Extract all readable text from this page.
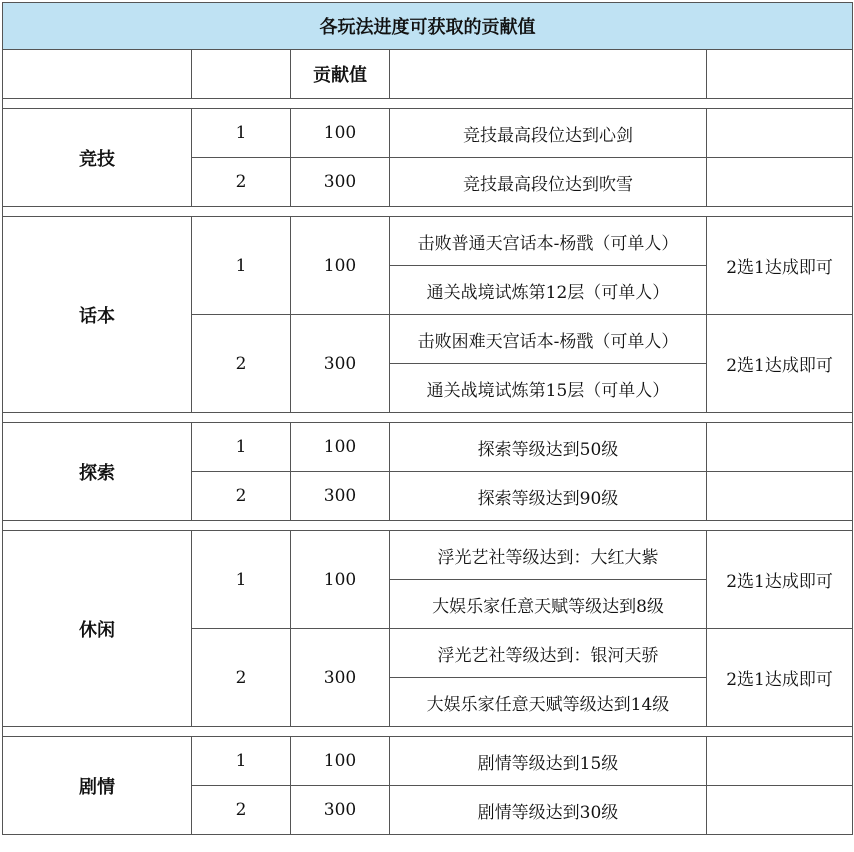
各玩法进度可获取的贡献值				
		贡献值		

竞技	1	100	竞技最高段位达到心剑	
	2	300	竞技最高段位达到吹雪	

话本	1	100	击败普通天宫话本-杨戬（可单人）	2选1达成即可
			通关战境试炼第12层（可单人）	
	2	300	击败困难天宫话本-杨戬（可单人）	2选1达成即可
			通关战境试炼第15层（可单人）	

探索	1	100	探索等级达到50级	
	2	300	探索等级达到90级	

休闲	1	100	浮光艺社等级达到：大红大紫	2选1达成即可
			大娱乐家任意天赋等级达到8级	
	2	300	浮光艺社等级达到：银河天骄	2选1达成即可
			大娱乐家任意天赋等级达到14级	

剧情	1	100	剧情等级达到15级	
	2	300	剧情等级达到30级	
